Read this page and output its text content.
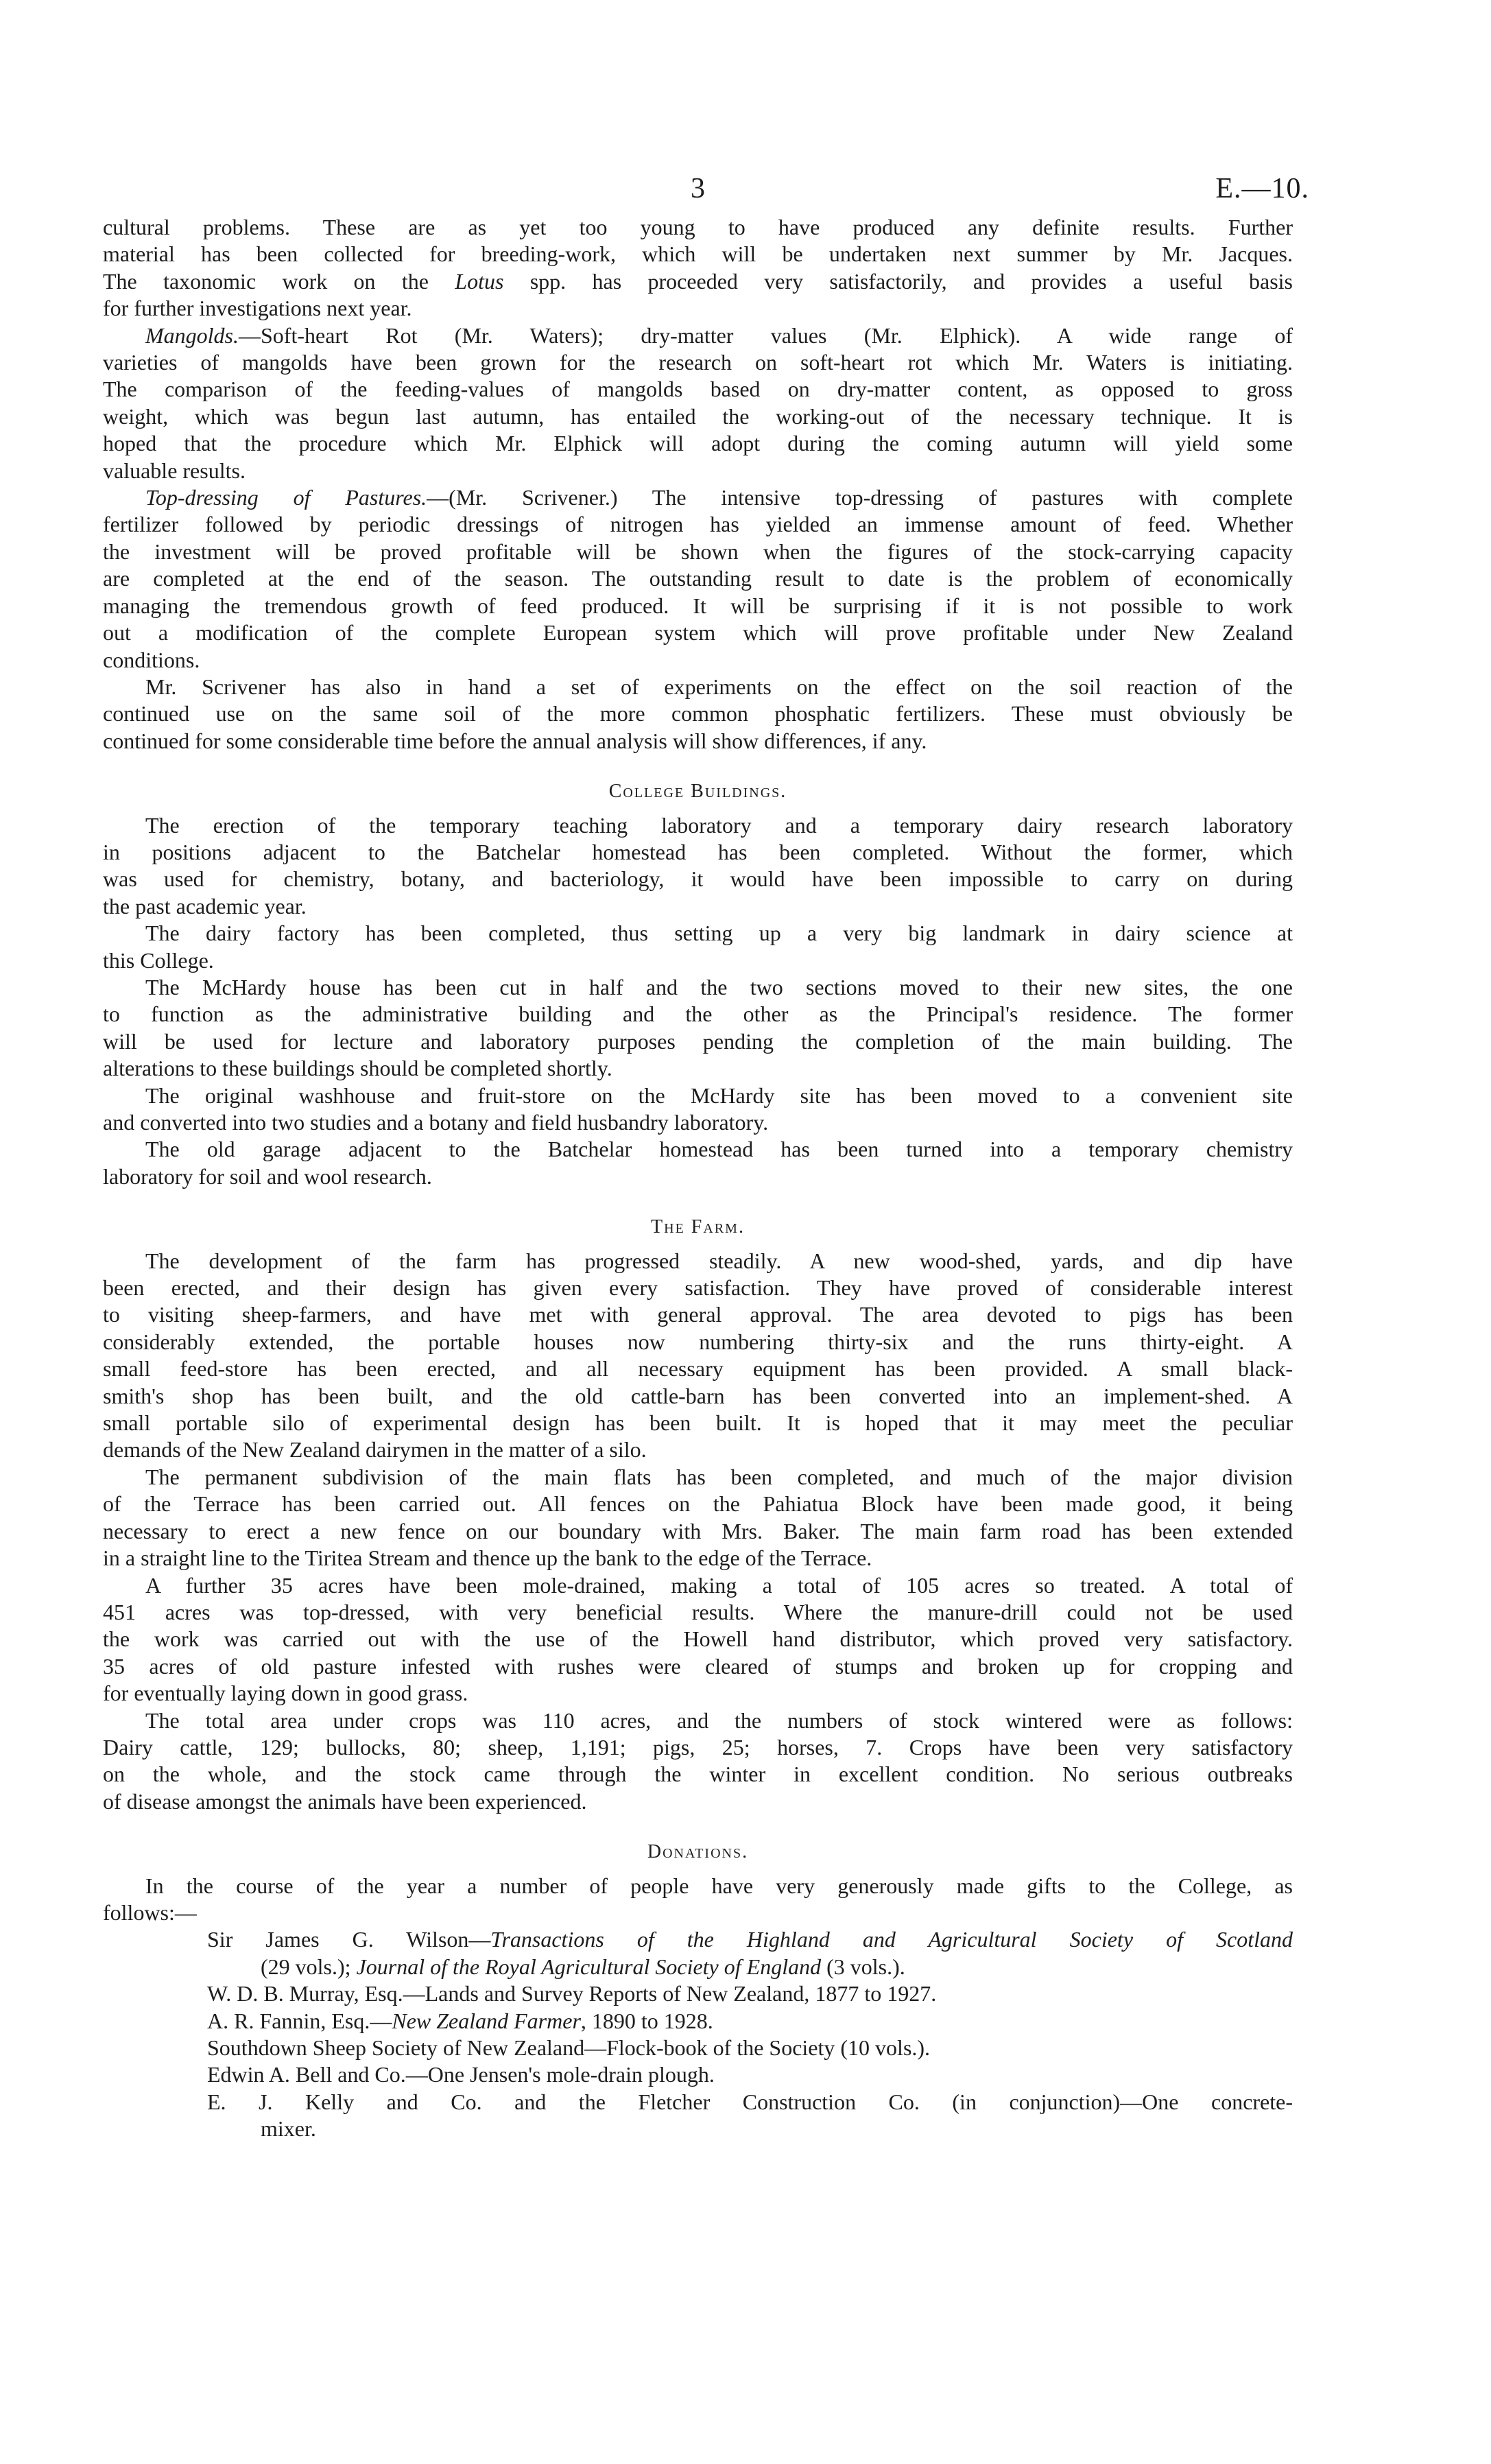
3	E.—10.
cultural problems. These are as yet too young to have produced any definite results. Further
material has been collected for breeding-work, which will be undertaken next summer by Mr. Jacques.
The taxonomic work on the Lotus spp. has proceeded very satisfactorily, and provides a useful basis
for further investigations next year.
Mangolds.—Soft-heart Rot (Mr. Waters); dry-matter values (Mr. Elphick). A wide range of
varieties of mangolds have been grown for the research on soft-heart rot which Mr. Waters is initiating.
The comparison of the feeding-values of mangolds based on dry-matter content, as opposed to gross
weight, which was begun last autumn, has entailed the working-out of the necessary technique. It is
hoped that the procedure which Mr. Elphick will adopt during the coming autumn will yield some
valuable results.
Top-dressing of Pastures.—(Mr. Scrivener.) The intensive top-dressing of pastures with complete
fertilizer followed by periodic dressings of nitrogen has yielded an immense amount of feed. Whether
the investment will be proved profitable will be shown when the figures of the stock-carrying capacity
are completed at the end of the season. The outstanding result to date is the problem of economically
managing the tremendous growth of feed produced. It will be surprising if it is not possible to work
out a modification of the complete European system which will prove profitable under New Zealand
conditions.
Mr. Scrivener has also in hand a set of experiments on the effect on the soil reaction of the
continued use on the same soil of the more common phosphatic fertilizers. These must obviously be
continued for some considerable time before the annual analysis will show differences, if any.
College Buildings.
The erection of the temporary teaching laboratory and a temporary dairy research laboratory
in positions adjacent to the Batchelar homestead has been completed. Without the former, which
was used for chemistry, botany, and bacteriology, it would have been impossible to carry on during
the past academic year.
The dairy factory has been completed, thus setting up a very big landmark in dairy science at
this College.
The McHardy house has been cut in half and the two sections moved to their new sites, the one
to function as the administrative building and the other as the Principal's residence. The former
will be used for lecture and laboratory purposes pending the completion of the main building. The
alterations to these buildings should be completed shortly.
The original washhouse and fruit-store on the McHardy site has been moved to a convenient site
and converted into two studies and a botany and field husbandry laboratory.
The old garage adjacent to the Batchelar homestead has been turned into a temporary chemistry
laboratory for soil and wool research.
The Farm.
The development of the farm has progressed steadily. A new wood-shed, yards, and dip have
been erected, and their design has given every satisfaction. They have proved of considerable interest
to visiting sheep-farmers, and have met with general approval. The area devoted to pigs has been
considerably extended, the portable houses now numbering thirty-six and the runs thirty-eight. A
small feed-store has been erected, and all necessary equipment has been provided. A small black-
smith's shop has been built, and the old cattle-barn has been converted into an implement-shed. A
small portable silo of experimental design has been built. It is hoped that it may meet the peculiar
demands of the New Zealand dairymen in the matter of a silo.
The permanent subdivision of the main flats has been completed, and much of the major division
of the Terrace has been carried out. All fences on the Pahiatua Block have been made good, it being
necessary to erect a new fence on our boundary with Mrs. Baker. The main farm road has been extended
in a straight line to the Tiritea Stream and thence up the bank to the edge of the Terrace.
A further 35 acres have been mole-drained, making a total of 105 acres so treated. A total of
451 acres was top-dressed, with very beneficial results. Where the manure-drill could not be used
the work was carried out with the use of the Howell hand distributor, which proved very satisfactory.
35 acres of old pasture infested with rushes were cleared of stumps and broken up for cropping and
for eventually laying down in good grass.
The total area under crops was 110 acres, and the numbers of stock wintered were as follows:
Dairy cattle, 129; bullocks, 80; sheep, 1,191; pigs, 25; horses, 7. Crops have been very satisfactory
on the whole, and the stock came through the winter in excellent condition. No serious outbreaks
of disease amongst the animals have been experienced.
Donations.
In the course of the year a number of people have very generously made gifts to the College, as
follows:—
Sir James G. Wilson—Transactions of the Highland and Agricultural Society of Scotland
(29 vols.); Journal of the Royal Agricultural Society of England (3 vols.).
W. D. B. Murray, Esq.—Lands and Survey Reports of New Zealand, 1877 to 1927.
A. R. Fannin, Esq.—New Zealand Farmer, 1890 to 1928.
Southdown Sheep Society of New Zealand—Flock-book of the Society (10 vols.).
Edwin A. Bell and Co.—One Jensen's mole-drain plough.
E. J. Kelly and Co. and the Fletcher Construction Co. (in conjunction)—One concrete-
mixer.
